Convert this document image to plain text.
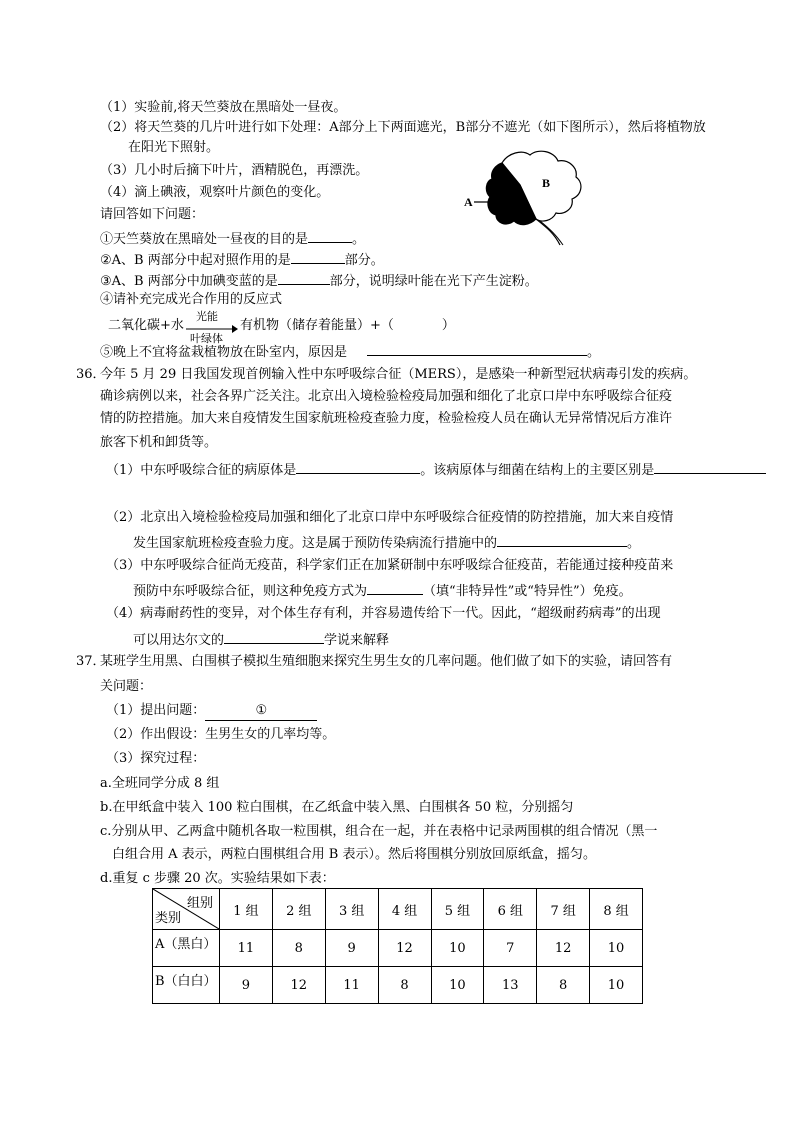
（1）实验前,将天竺葵放在黑暗处一昼夜。
（2）将天竺葵的几片叶进行如下处理：A部分上下两面遮光，B部分不遮光（如下图所示），然后将植物放
在阳光下照射。
（3）几小时后摘下叶片，酒精脱色，再漂洗。
（4）滴上碘液，观察叶片颜色的变化。
请回答如下问题：
①天竺葵放在黑暗处一昼夜的目的是	。
②A、B 两部分中起对照作用的是	部分。
③A、B 两部分中加碘变蓝的是	部分，说明绿叶能在光下产生淀粉。
④请补充完成光合作用的反应式
二氧化碳+水
光能
叶绿体
有机物（储存着能量）+（	）
⑤晚上不宜将盆栽植物放在卧室内，原因是	。
A
B
36．
今年 5 月 29 日我国发现首例输入性中东呼吸综合征（MERS），是感染一种新型冠状病毒引发的疾病。
确诊病例以来，社会各界广泛关注。北京出入境检验检疫局加强和细化了北京口岸中东呼吸综合征疫
情的防控措施。加大来自疫情发生国家航班检疫查验力度，检验检疫人员在确认无异常情况后方准许
旅客下机和卸货等。
（1）中东呼吸综合征的病原体是	。该病原体与细菌在结构上的主要区别是
（2）北京出入境检验检疫局加强和细化了北京口岸中东呼吸综合征疫情的防控措施，加大来自疫情
发生国家航班检疫查验力度。这是属于预防传染病流行措施中的	。
（3）中东呼吸综合征尚无疫苗，科学家们正在加紧研制中东呼吸综合征疫苗，若能通过接种疫苗来
预防中东呼吸综合征，则这种免疫方式为	（填“非特异性”或“特异性”）免疫。
（4）病毒耐药性的变异，对个体生存有利，并容易遗传给下一代。因此，“超级耐药病毒”的出现
可以用达尔文的	学说来解释
37．
某班学生用黑、白围棋子模拟生殖细胞来探究生男生女的几率问题。他们做了如下的实验，请回答有
关问题：
（1）提出问题：	①
（2）作出假设：生男生女的几率均等。
（3）探究过程：
a.全班同学分成 8 组
b.在甲纸盒中装入 100 粒白围棋，在乙纸盒中装入黑、白围棋各 50 粒，分别摇匀
c.分别从甲、乙两盒中随机各取一粒围棋，组合在一起，并在表格中记录两围棋的组合情况（黑一
白组合用 A 表示，两粒白围棋组合用 B 表示）。然后将围棋分别放回原纸盒，摇匀。
d.重复 c 步骤 20 次。实验结果如下表：
组别
类别	1 组	2 组	3 组	4 组	5 组	6 组	7 组	8 组
A（黑白）	11	8	9	12	10	7	12	10
B（白白）	9	12	11	8	10	13	8	10
